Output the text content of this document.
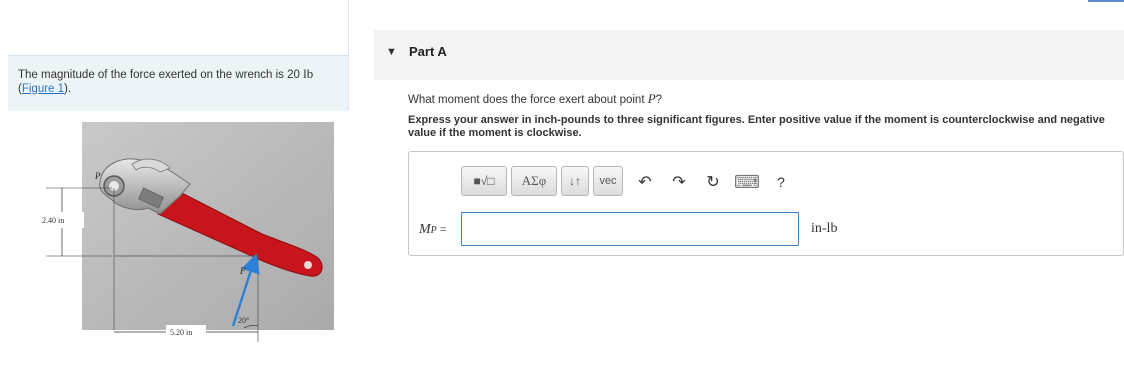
The magnitude of the force exerted on the wrench is 20 lb
(Figure 1).
P
F
2.40 in
5.20 in
20°
▼ Part A
What moment does the force exert about point P?
Express your answer in inch-pounds to three significant figures. Enter positive value if the moment is counterclockwise and negative value if the moment is clockwise.
■√□	AΣφ	↓↑	vec	↶ ↷ ↻ ⌨	?
MP =	in-lb
